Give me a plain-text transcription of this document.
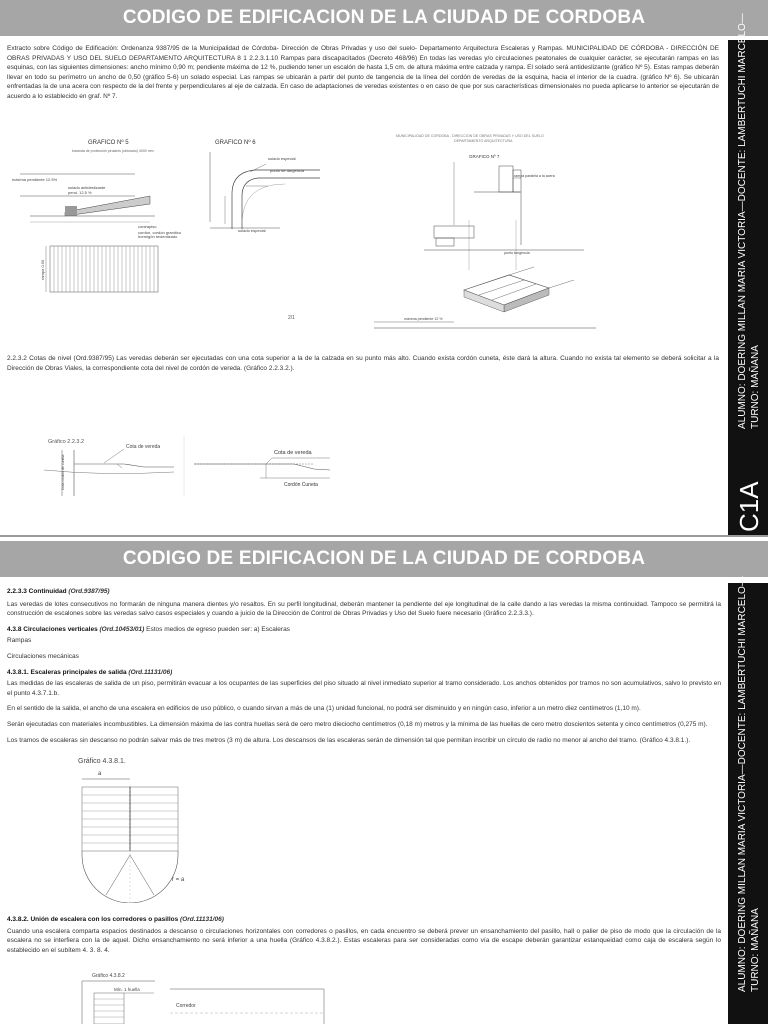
CODIGO DE EDIFICACION DE LA CIUDAD DE CORDOBA

Extracto sobre Código de Edificación: Ordenanza 9387/95 de la Municipalidad de Córdoba- Dirección de Obras Privadas y uso del suelo- Departamento Arquitectura Escaleras y Rampas. MUNICIPALIDAD DE CÓRDOBA - DIRECCIÓN DE OBRAS PRIVADAS Y USO DEL SUELO DEPARTAMENTO ARQUITECTURA 8 1 2.2.3.1.10 Rampas para discapacitados (Decreto 468/96) En todas las veredas y/o circulaciones peatonales de cualquier carácter, se ejecutarán rampas en las esquinas, con las siguientes dimensiones: ancho mínimo 0,90 m; pendiente máxima de 12 %, pudiendo tener un escalón de hasta 1,5 cm. de altura máxima entre calzada y rampa. El solado será antideslizante (gráfico Nº 5). Estas rampas deberán llevar en todo su perímetro un ancho de 0,50 (gráfico 5-6) un solado especial. Las rampas se ubicarán a partir del punto de tangencia de la línea del cordón de veredas de la esquina, hacia el interior de la cuadra. (gráfico Nº 6). Se ubicarán enfrentadas la de una acera con respecto de la del frente y perpendiculares al eje de calzada. En caso de adaptaciones de veredas existentes o en caso de que por sus características dimensionales no pueda aplicarse lo anterior se ejecutarán de acuerdo a lo establecido en graf. Nº 7.

GRAFICO Nº 5
baranda de protección pirulanis (obturado) 4000 mm
máxima pendiente 12.5%
solado antideslizante
pend. 12.5 %
contrapiso
cordón, cordón granítico
hormigón recientizado
rampa 0.90
GRAFICO Nº 6
solado especial
punto de tangencia
solado especial
2/1
MUNICIPALIDAD DE CORDOBA - DIRECCION DE OBRAS PRIVADAS Y USO DEL SUELO
DEPARTAMENTO ARQUITECTURA
GRAFICO Nº 7
rampa paralela a la acera
punto tangencia
máxima pendiente 12 %

2.2.3.2 Cotas de nivel (Ord.9387/95) Las veredas deberán ser ejecutadas con una cota superior a la de la calzada en su punto más alto. Cuando exista cordón cuneta, éste dará la altura. Cuando no exista tal elemento se deberá solicitar a la Dirección de Obras Viales, la correspondiente cota del nivel de cordón de vereda. (Gráfico 2.2.3.2.).

Gráfico 2.2.3.2
Cota de vereda
Cota cordón de cuneta
Cota de vereda
Cordón Cuneta
ALUMNO: DOERING MILLAN MARIA VICTORIA—DOCENTE: LAMBERTUCHI MARCELO— TURNO: MAÑANA
C1A
CODIGO DE EDIFICACION DE LA CIUDAD DE CORDOBA

2.2.3.3 Continuidad (Ord.9387/95)

Las veredas de lotes consecutivos no formarán de ninguna manera dientes y/o resaltos. En su perfil longitudinal, deberán mantener la pendiente del eje longitudinal de la calle dando a las veredas la misma continuidad. Tampoco se permitirá la construcción de escalones sobre las veredas salvo casos especiales y cuando a juicio de la Dirección de Control de Obras Privadas y Uso del Suelo fuere necesario (Gráfico 2.2.3.3.).

4.3.8 Circulaciones verticales (Ord.10453/01) Estos medios de egreso pueden ser: a) Escaleras

Rampas

Circulaciones mecánicas

4.3.8.1. Escaleras principales de salida (Ord.11131/06)

Las medidas de las escaleras de salida de un piso, permitirán evacuar a los ocupantes de las superficies del piso situado al nivel inmediato superior al tramo considerado. Los anchos obtenidos por tramos no son acumulativos, salvo lo previsto en el punto 4.3.7.1.b.

En el sentido de la salida, el ancho de una escalera en edificios de uso público, o cuando sirvan a más de una (1) unidad funcional, no podrá ser disminuido y en ningún caso, inferior a un metro diez centímetros (1,10 m).

Serán ejecutadas con materiales incombustibles. La dimensión máxima de las contra huellas será de cero metro dieciocho centímetros (0,18 m) metros y la mínima de las huellas de cero metro doscientos setenta y cinco centímetros (0,275 m).

Los tramos de escaleras sin descanso no podrán salvar más de tres metros (3 m) de altura. Los descansos de las escaleras serán de dimensión tal que permitan inscribir un círculo de radio no menor al ancho del tramo. (Gráfico 4.3.8.1.).

Gráfico 4.3.8.1.
a
r = a

4.3.8.2. Unión de escalera con los corredores o pasillos (Ord.11131/06)

Cuando una escalera comparta espacios destinados a descanso o circulaciones horizontales con corredores o pasillos, en cada encuentro se deberá prever un ensanchamiento del pasillo, hall o palier de piso de modo que la circulación de la escalera no se interfiera con la de aquel. Dicho ensanchamiento no será inferior a una huella (Gráfico 4.3.8.2.). Estas escaleras para ser consideradas como vía de escape deberán garantizar estanqueidad como caja de escalera según lo establecido en el subítem 4. 3. 8. 4.

Gráfico 4.3.8.2
Mín. 1 huella
Corredor
ALUMNO: DOERING MILLAN MARIA VICTORIA—DOCENTE: LAMBERTUCHI MARCELO— TURNO: MAÑANA
